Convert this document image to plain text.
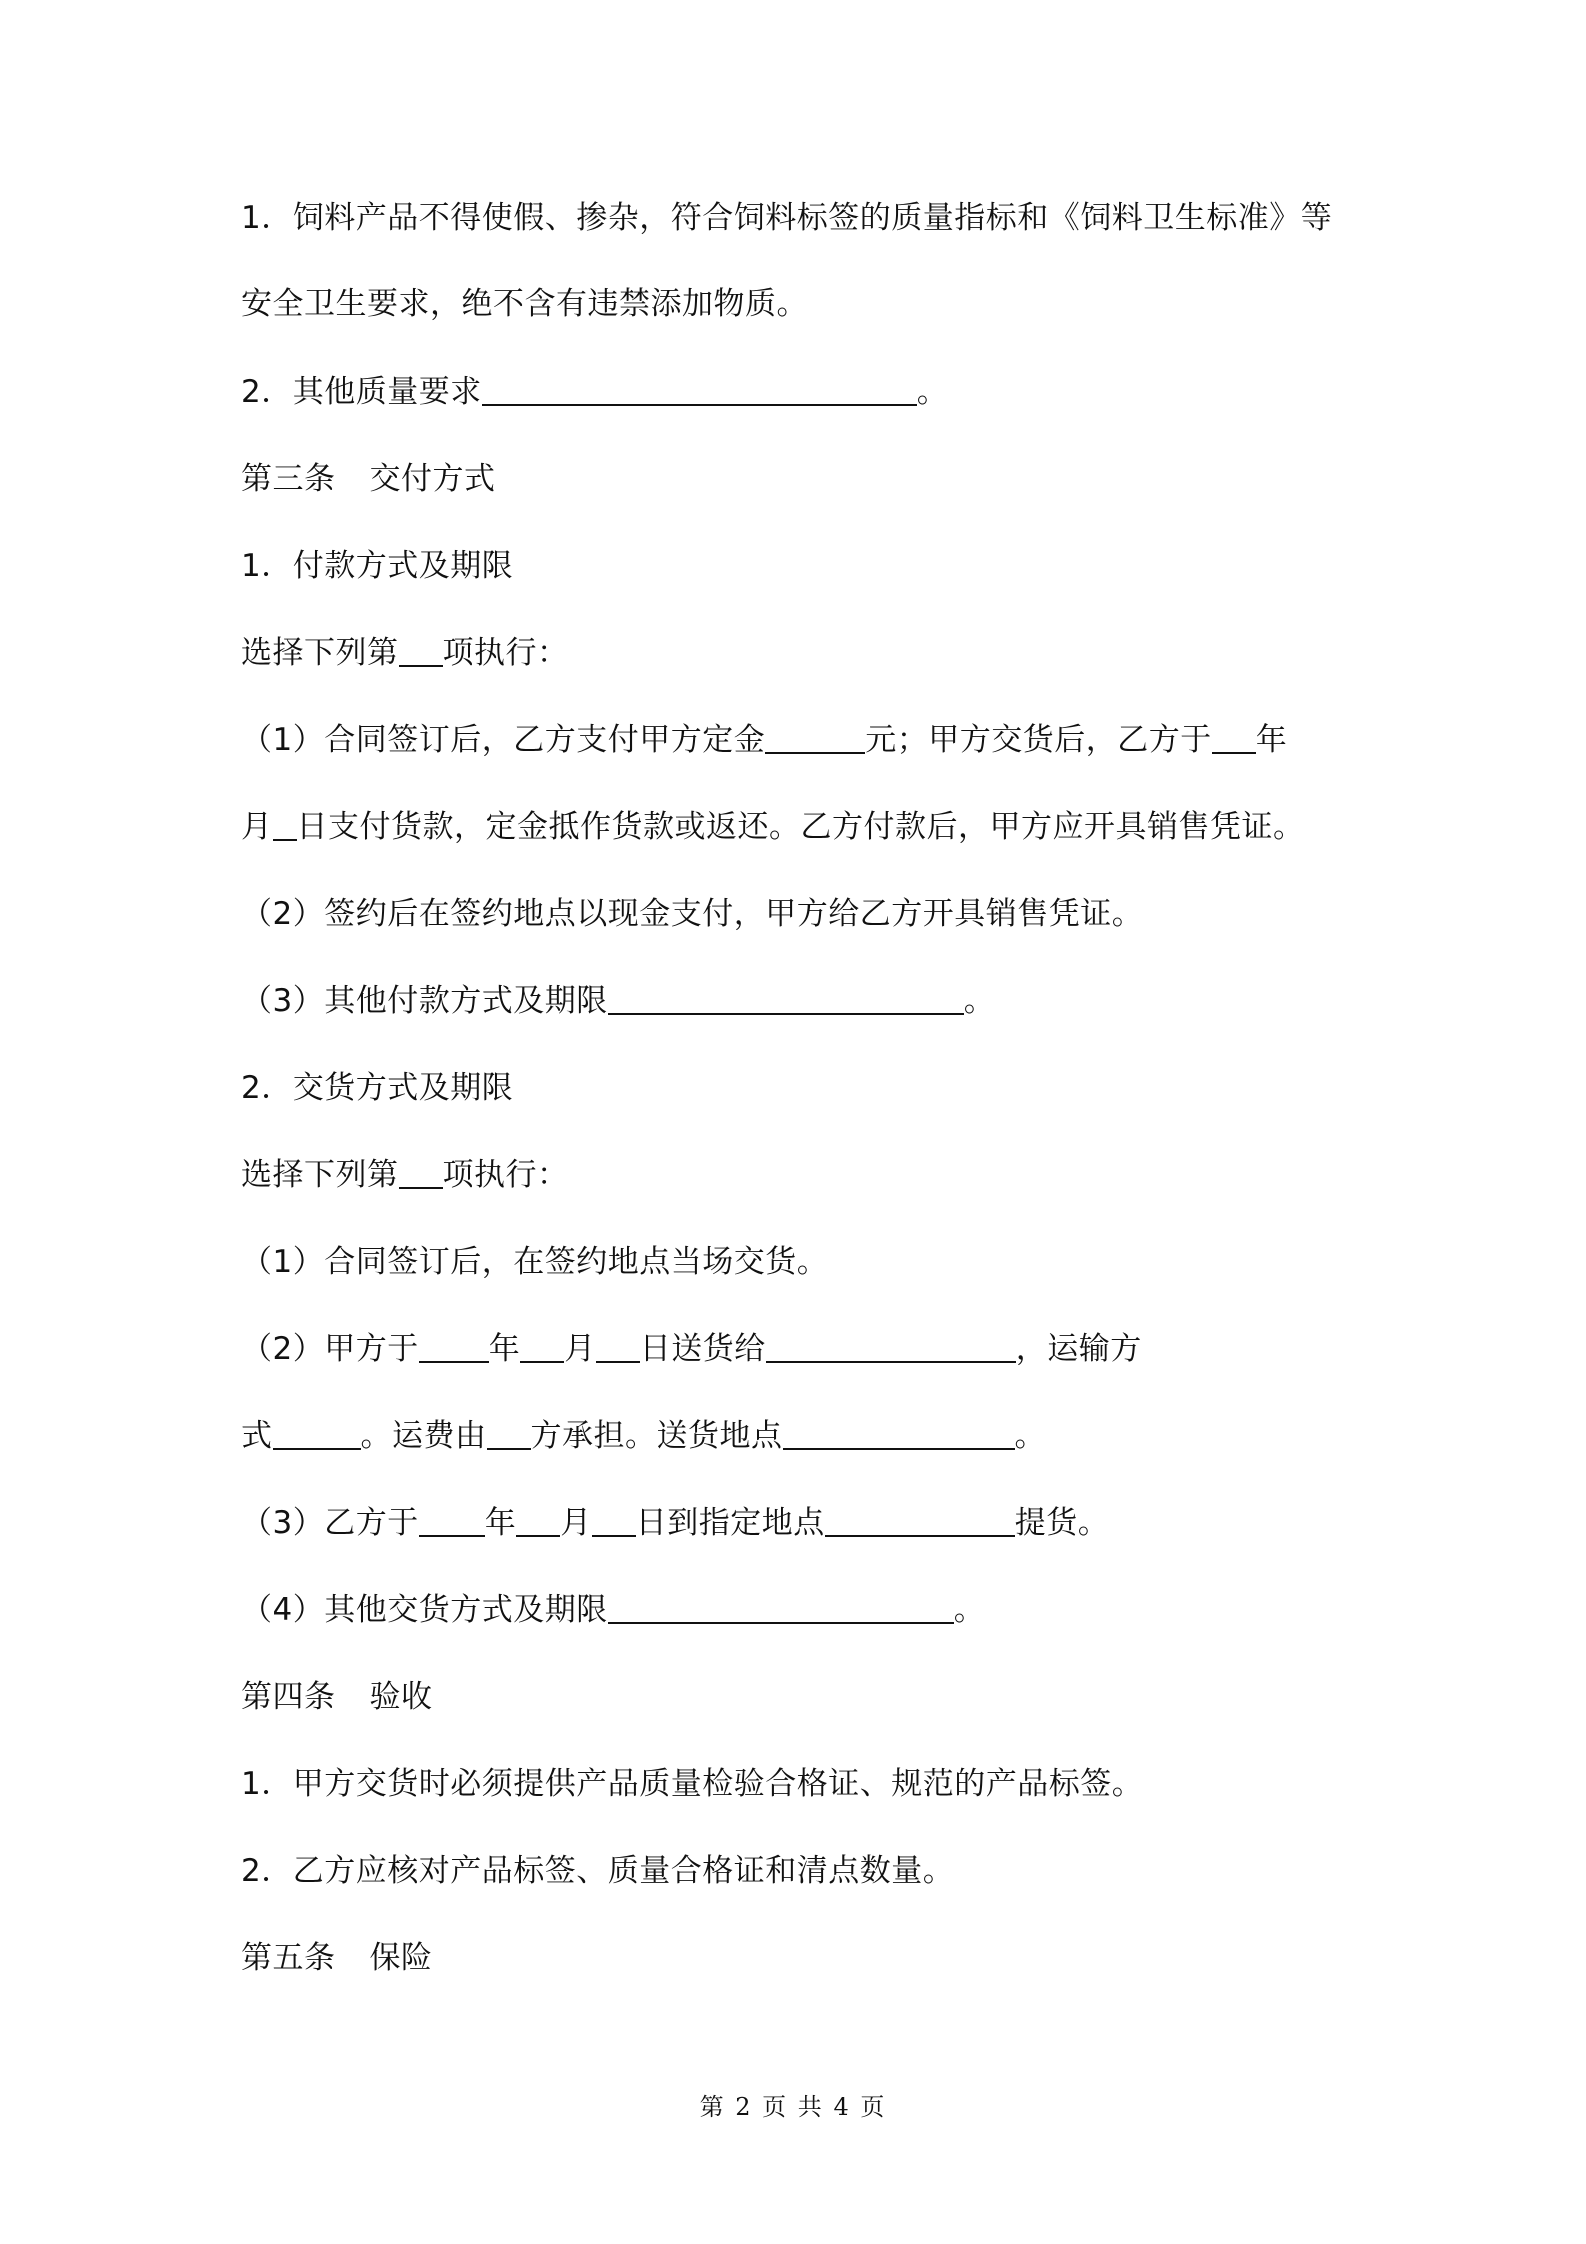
1．饲料产品不得使假、掺杂，符合饲料标签的质量指标和《饲料卫生标准》等
安全卫生要求，绝不含有违禁添加物质。
2．其他质量要求	。
第三条 交付方式
1．付款方式及期限
选择下列第 项执行：
（1）合同签订后，乙方支付甲方定金	元；甲方交货后，乙方于 年
月 日支付货款，定金抵作货款或返还。乙方付款后，甲方应开具销售凭证。
（2）签约后在签约地点以现金支付，甲方给乙方开具销售凭证。
（3）其他付款方式及期限	。
2．交货方式及期限
选择下列第 项执行：
（1）合同签订后，在签约地点当场交货。
（2）甲方于 年 月 日送货给	，运输方
式	。运费由 方承担。送货地点	。
（3）乙方于 年 月 日到指定地点	提货。
（4）其他交货方式及期限	。
第四条 验收
1．甲方交货时必须提供产品质量检验合格证、规范的产品标签。
2．乙方应核对产品标签、质量合格证和清点数量。
第五条 保险
第 2 页 共 4 页
